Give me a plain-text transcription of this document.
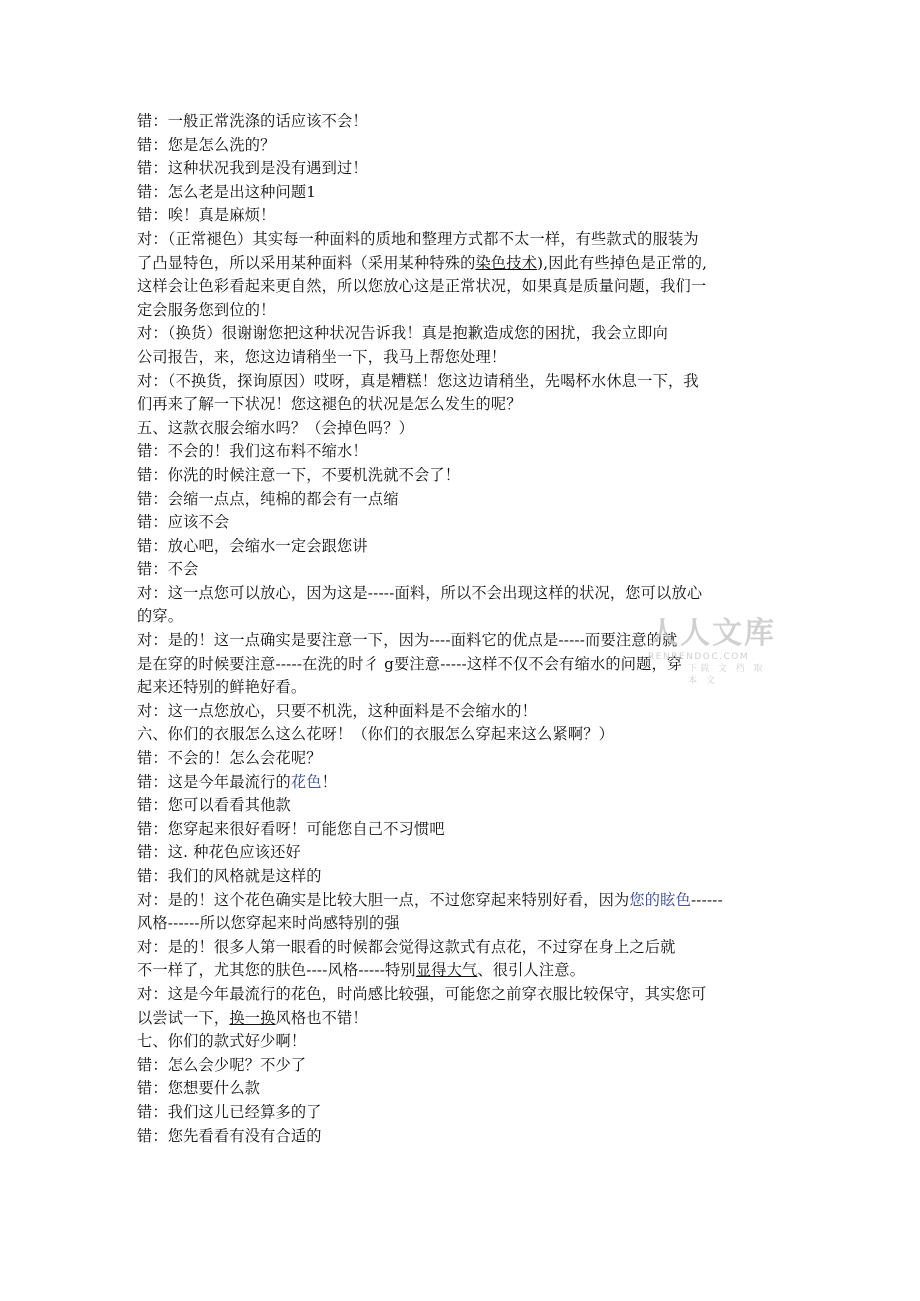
错：一般正常洗涤的话应该不会！
错：您是怎么洗的？
错：这种状况我到是没有遇到过！
错：怎么老是出这种问题1
错：唉！真是麻烦！
对：（正常褪色）其实每一种面料的质地和整理方式都不太一样，有些款式的服装为
了凸显特色，所以采用某种面料（采用某种特殊的染色技术),因此有些掉色是正常的,
这样会让色彩看起来更自然，所以您放心这是正常状况，如果真是质量问题，我们一
定会服务您到位的！
对：（换货）很谢谢您把这种状况告诉我！真是抱歉造成您的困扰，我会立即向
公司报告，来，您这边请稍坐一下，我马上帮您处理！
对：（不换货，探询原因）哎呀，真是糟糕！您这边请稍坐，先喝杯水休息一下，我
们再来了解一下状况！您这褪色的状况是怎么发生的呢？
五、这款衣服会缩水吗？（会掉色吗？）
错：不会的！我们这布料不缩水！
错：你洗的时候注意一下，不要机洗就不会了！
错：会缩一点点，纯棉的都会有一点缩
错：应该不会
错：放心吧，会缩水一定会跟您讲
错：不会
对：这一点您可以放心，因为这是-----面料，所以不会出现这样的状况，您可以放心
的穿。
对：是的！这一点确实是要注意一下，因为----面料它的优点是-----而要注意的就
是在穿的时候要注意-----在洗的时彳 g要注意-----这样不仅不会有缩水的问题，穿
起来还特别的鲜艳好看。
对：这一点您放心，只要不机洗，这种面料是不会缩水的！
六、你们的衣服怎么这么花呀！（你们的衣服怎么穿起来这么紧啊？）
错：不会的！怎么会花呢？
错：这是今年最流行的花色！
错：您可以看看其他款
错：您穿起来很好看呀！可能您自己不习惯吧
错：这. 种花色应该还好
错：我们的风格就是这样的
对：是的！这个花色确实是比较大胆一点，不过您穿起来特别好看，因为您的眩色------
风格------所以您穿起来时尚感特别的强
对：是的！很多人第一眼看的时候都会觉得这款式有点花，不过穿在身上之后就
不一样了，尤其您的肤色----风格-----特别显得大气、很引人注意。
对：这是今年最流行的花色，时尚感比较强，可能您之前穿衣服比较保守，其实您可
以尝试一下，换一换风格也不错！
七、你们的款式好少啊！
错：怎么会少呢？不少了
错：您想要什么款
错：我们这儿已经算多的了
错：您先看看有没有合适的
人人文库
RENRENDOC.COM
下载 文 档 取 本 文
